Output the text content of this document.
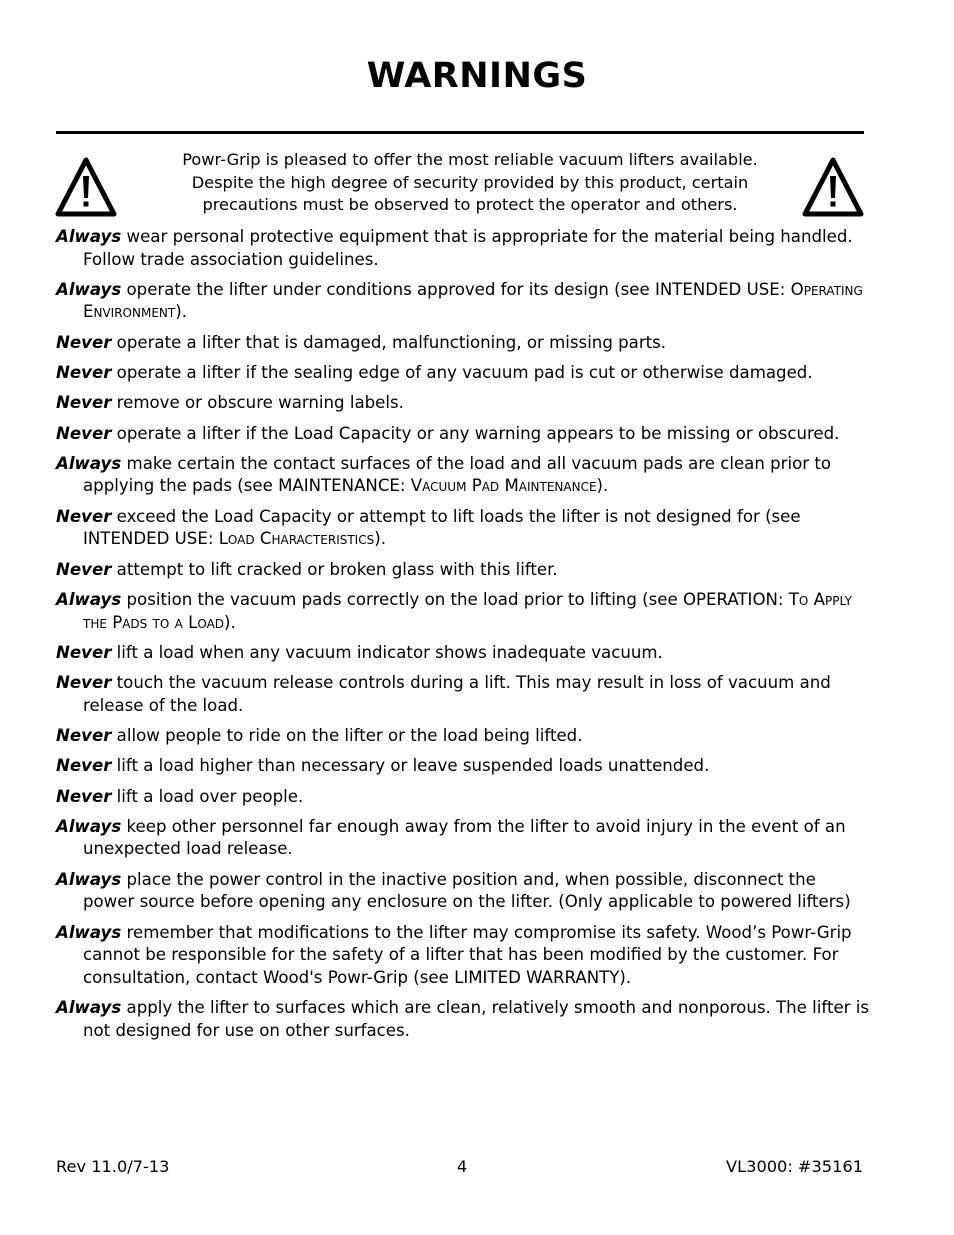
WARNINGS
Powr-Grip is pleased to offer the most reliable vacuum lifters available.
Despite the high degree of security provided by this product, certain
precautions must be observed to protect the operator and others.
Always wear personal protective equipment that is appropriate for the material being handled. Follow trade association guidelines.
Always operate the lifter under conditions approved for its design (see INTENDED USE: Operating Environment).
Never operate a lifter that is damaged, malfunctioning, or missing parts.
Never operate a lifter if the sealing edge of any vacuum pad is cut or otherwise damaged.
Never remove or obscure warning labels.
Never operate a lifter if the Load Capacity or any warning appears to be missing or obscured.
Always make certain the contact surfaces of the load and all vacuum pads are clean prior to applying the pads (see MAINTENANCE: Vacuum Pad Maintenance).
Never exceed the Load Capacity or attempt to lift loads the lifter is not designed for (see INTENDED USE: Load Characteristics).
Never attempt to lift cracked or broken glass with this lifter.
Always position the vacuum pads correctly on the load prior to lifting (see OPERATION: To Apply the Pads to a Load).
Never lift a load when any vacuum indicator shows inadequate vacuum.
Never touch the vacuum release controls during a lift. This may result in loss of vacuum and release of the load.
Never allow people to ride on the lifter or the load being lifted.
Never lift a load higher than necessary or leave suspended loads unattended.
Never lift a load over people.
Always keep other personnel far enough away from the lifter to avoid injury in the event of an unexpected load release.
Always place the power control in the inactive position and, when possible, disconnect the power source before opening any enclosure on the lifter. (Only applicable to powered lifters)
Always remember that modifications to the lifter may compromise its safety. Wood’s Powr-Grip cannot be responsible for the safety of a lifter that has been modified by the customer. For consultation, contact Wood's Powr-Grip (see LIMITED WARRANTY).
Always apply the lifter to surfaces which are clean, relatively smooth and nonporous. The lifter is not designed for use on other surfaces.
Rev 11.0/7-13	4	VL3000: #35161
